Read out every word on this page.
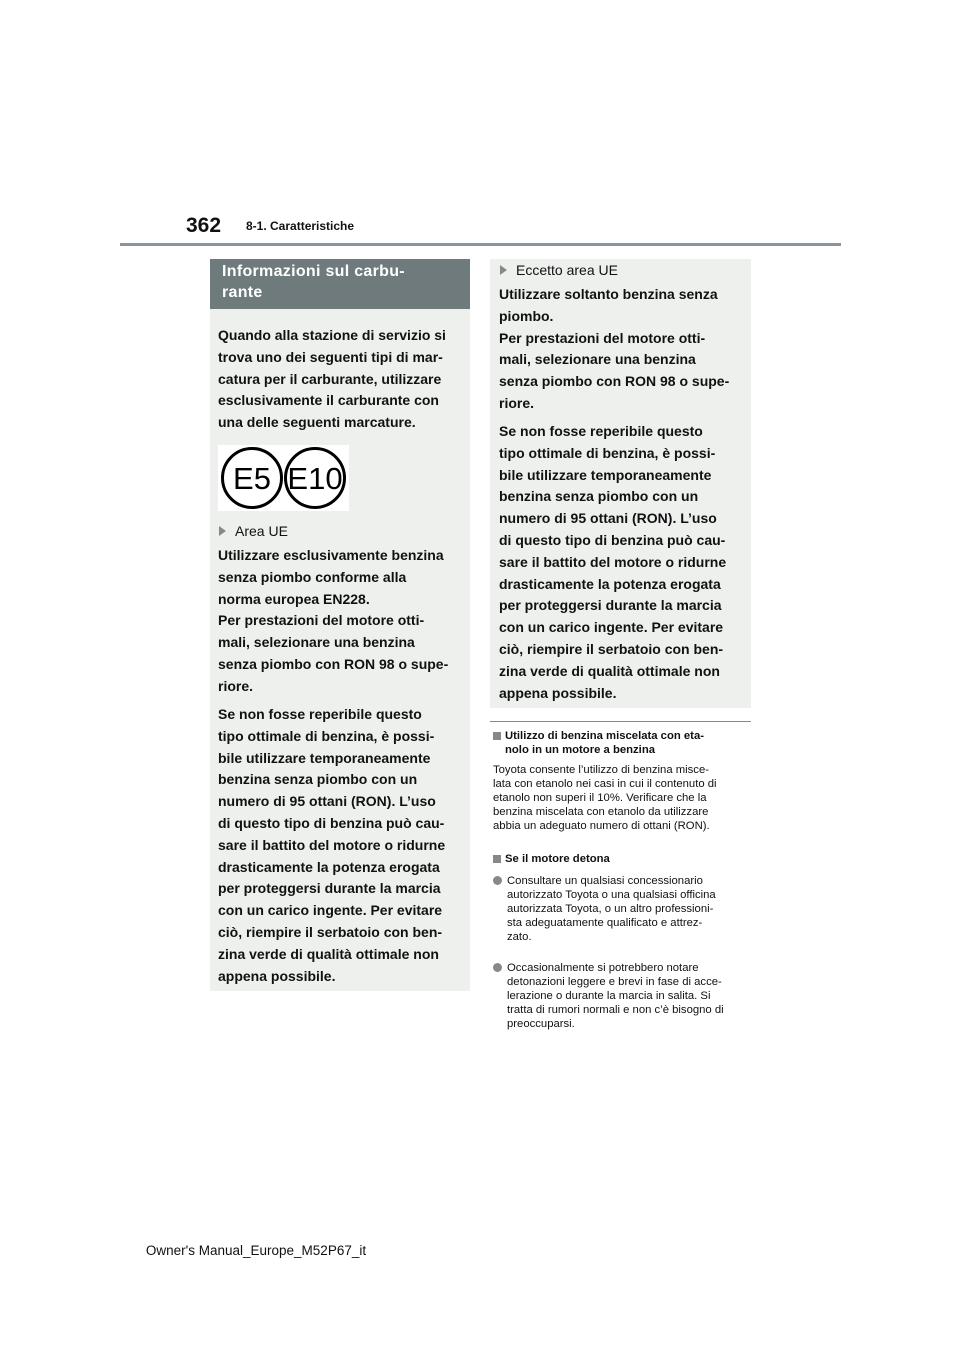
362 8-1. Caratteristiche
Informazioni sul carbu-
rante
Quando alla stazione di servizio si
trova uno dei seguenti tipi di mar-
catura per il carburante, utilizzare
esclusivamente il carburante con
una delle seguenti marcature.
E5 E10
Area UE
Utilizzare esclusivamente benzina
senza piombo conforme alla
norma europea EN228.
Per prestazioni del motore otti-
mali, selezionare una benzina
senza piombo con RON 98 o supe-
riore.
Se non fosse reperibile questo
tipo ottimale di benzina, è possi-
bile utilizzare temporaneamente
benzina senza piombo con un
numero di 95 ottani (RON). L’uso
di questo tipo di benzina può cau-
sare il battito del motore o ridurne
drasticamente la potenza erogata
per proteggersi durante la marcia
con un carico ingente. Per evitare
ciò, riempire il serbatoio con ben-
zina verde di qualità ottimale non
appena possibile.
Eccetto area UE
Utilizzare soltanto benzina senza
piombo.
Per prestazioni del motore otti-
mali, selezionare una benzina
senza piombo con RON 98 o supe-
riore.
Se non fosse reperibile questo
tipo ottimale di benzina, è possi-
bile utilizzare temporaneamente
benzina senza piombo con un
numero di 95 ottani (RON). L’uso
di questo tipo di benzina può cau-
sare il battito del motore o ridurne
drasticamente la potenza erogata
per proteggersi durante la marcia
con un carico ingente. Per evitare
ciò, riempire il serbatoio con ben-
zina verde di qualità ottimale non
appena possibile.
Utilizzo di benzina miscelata con eta-
nolo in un motore a benzina
Toyota consente l’utilizzo di benzina misce-
lata con etanolo nei casi in cui il contenuto di
etanolo non superi il 10%. Verificare che la
benzina miscelata con etanolo da utilizzare
abbia un adeguato numero di ottani (RON).
Se il motore detona
Consultare un qualsiasi concessionario
autorizzato Toyota o una qualsiasi officina
autorizzata Toyota, o un altro professioni-
sta adeguatamente qualificato e attrez-
zato.
Occasionalmente si potrebbero notare
detonazioni leggere e brevi in fase di acce-
lerazione o durante la marcia in salita. Si
tratta di rumori normali e non c’è bisogno di
preoccuparsi.
Owner's Manual_Europe_M52P67_it
